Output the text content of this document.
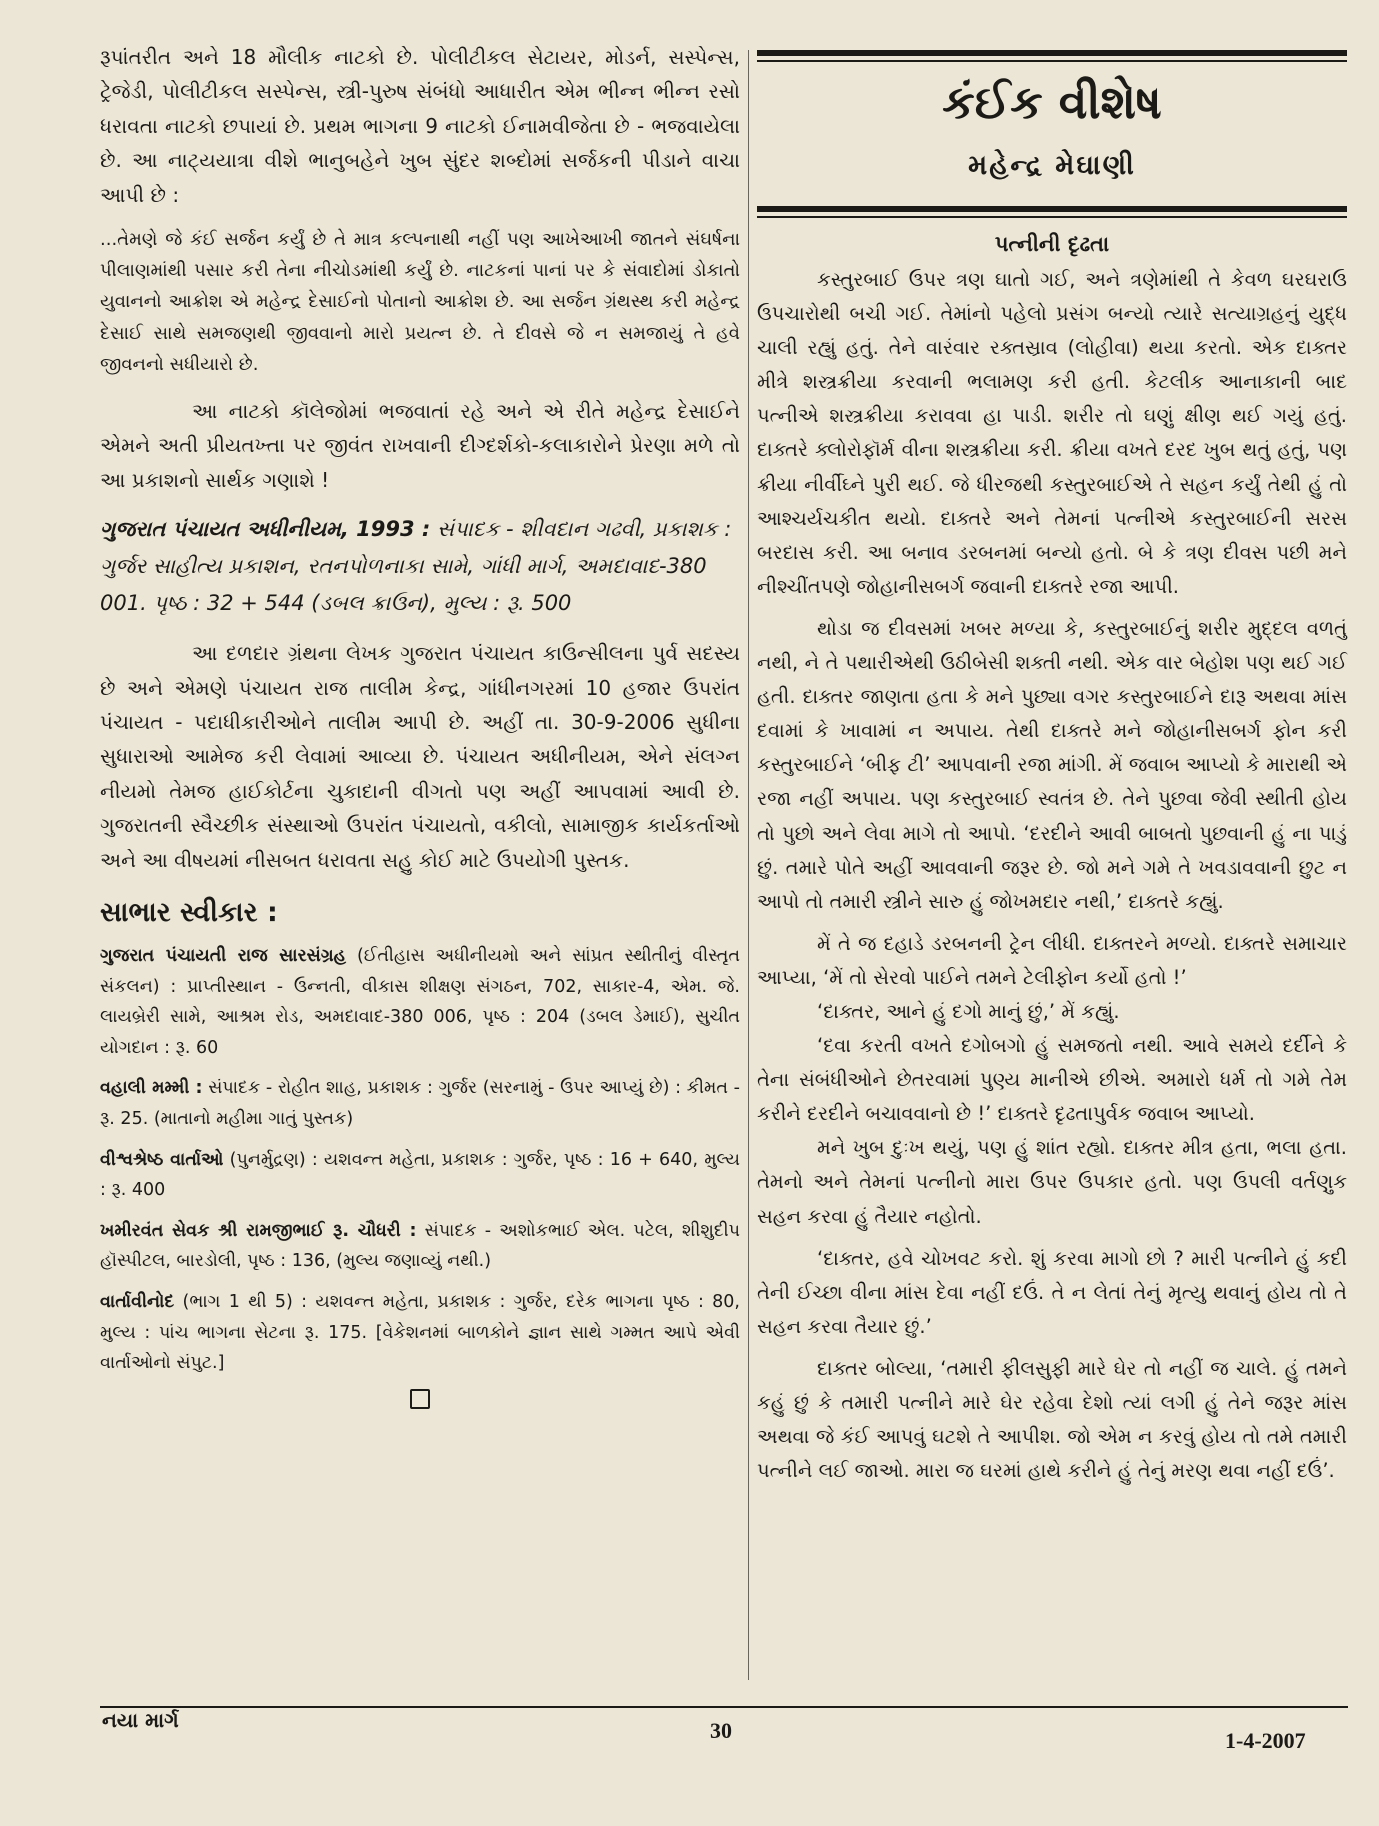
રૂપાંતરીત અને 18 મૌલીક નાટકો છે. પોલીટીકલ સેટાયર, મોડર્ન, સસ્પેન્સ, ટ્રેજેડી, પોલીટીકલ સસ્પેન્સ, સ્ત્રી-પુરુષ સંબંધો આધારીત એમ ભીન્ન ભીન્ન રસો ધરાવતા નાટકો છપાયાં છે. પ્રથમ ભાગના 9 નાટકો ઈનામવીજેતા છે - ભજવાયેલા છે. આ નાટ્યયાત્રા વીશે ભાનુબહેને ખુબ સુંદર શબ્દોમાં સર્જકની પીડાને વાચા આપી છે :

...તેમણે જે કંઈ સર્જન કર્યું છે તે માત્ર કલ્પનાથી નહીં પણ આખેઆખી જાતને સંઘર્ષના પીલાણમાંથી પસાર કરી તેના નીચોડમાંથી કર્યું છે. નાટકનાં પાનાં પર કે સંવાદોમાં ડોકાતો યુવાનનો આક્રોશ એ મહેન્દ્ર દેસાઈનો પોતાનો આક્રોશ છે. આ સર્જન ગ્રંથસ્થ કરી મહેન્દ્ર દેસાઈ સાથે સમજણથી જીવવાનો મારો પ્રયત્ન છે. તે દીવસે જે ન સમજાયું તે હવે જીવનનો સધીયારો છે.

આ નાટકો કૉલેજોમાં ભજવાતાં રહે અને એ રીતે મહેન્દ્ર દેસાઈને એમને અતી પ્રીયતખ્તા પર જીવંત રાખવાની દીગ્દર્શકો-કલાકારોને પ્રેરણા મળે તો આ પ્રકાશનો સાર્થક ગણાશે !

ગુજરાત પંચાયત અધીનીયમ, 1993 : સંપાદક - શીવદાન ગઢવી, પ્રકાશક : ગુર્જર સાહીત્ય પ્રકાશન, રતનપોળનાકા સામે, ગાંધી માર્ગ, અમદાવાદ-380 001. પૃષ્ઠ : 32 + 544 (ડબલ ક્રાઉન), મુલ્ય : રૂ. 500

આ દળદાર ગ્રંથના લેખક ગુજરાત પંચાયત કાઉન્સીલના પુર્વ સદસ્ય છે અને એમણે પંચાયત રાજ તાલીમ કેન્દ્ર, ગાંધીનગરમાં 10 હજાર ઉપરાંત પંચાયત - પદાધીકારીઓને તાલીમ આપી છે. અહીં તા. 30-9-2006 સુધીના સુધારાઓ આમેજ કરી લેવામાં આવ્યા છે. પંચાયત અધીનીયમ, એને સંલગ્ન નીયમો તેમજ હાઈકોર્ટના ચુકાદાની વીગતો પણ અહીં આપવામાં આવી છે. ગુજરાતની સ્વૈચ્છીક સંસ્થાઓ ઉપરાંત પંચાયતો, વકીલો, સામાજીક કાર્યકર્તાઓ અને આ વીષયમાં નીસબત ધરાવતા સહુ કોઈ માટે ઉપયોગી પુસ્તક.

સાભાર સ્વીકાર :

ગુજરાત પંચાયતી રાજ સારસંગ્રહ (ઈતીહાસ અધીનીયમો અને સાંપ્રત સ્થીતીનું વીસ્તૃત સંકલન) : પ્રાપ્તીસ્થાન - ઉન્નતી, વીકાસ શીક્ષણ સંગઠન, 702, સાકાર-4, એમ. જે. લાયબ્રેરી સામે, આશ્રમ રોડ, અમદાવાદ-380 006, પૃષ્ઠ : 204 (ડબલ ડેમાઈ), સુચીત યોગદાન : રૂ. 60

વહાલી મમ્મી : સંપાદક - રોહીત શાહ, પ્રકાશક : ગુર્જર (સરનામું - ઉપર આપ્યું છે) : કીમત - રૂ. 25. (માતાનો મહીમા ગાતું પુસ્તક)

વીશ્વશ્રેષ્ઠ વાર્તાઓ (પુનર્મુદ્રણ) : યશવન્ત મહેતા, પ્રકાશક : ગુર્જર, પૃષ્ઠ : 16 + 640, મુલ્ય : રૂ. 400

ખમીરવંત સેવક શ્રી રામજીભાઈ રૂ. ચૌધરી : સંપાદક - અશોકભાઈ એલ. પટેલ, શીશુદીપ હૉસ્પીટલ, બારડોલી, પૃષ્ઠ : 136, (મુલ્ય જણાવ્યું નથી.)

વાર્તાવીનોદ (ભાગ 1 થી 5) : યશવન્ત મહેતા, પ્રકાશક : ગુર્જર, દરેક ભાગના પૃષ્ઠ : 80, મુલ્ય : પાંચ ભાગના સેટના રૂ. 175. [વેકેશનમાં બાળકોને જ્ઞાન સાથે ગમ્મત આપે એવી વાર્તાઓનો સંપુટ.]

કંઈક વીશેષ
મહેન્દ્ર મેઘાણી
પત્નીની દૃઢતા

કસ્તુરબાઈ ઉપર ત્રણ ઘાતો ગઈ, અને ત્રણેમાંથી તે કેવળ ઘરઘરાઉ ઉપચારોથી બચી ગઈ. તેમાંનો પહેલો પ્રસંગ બન્યો ત્યારે સત્યાગ્રહનું યુદ્ધ ચાલી રહ્યું હતું. તેને વારંવાર રક્તસ્રાવ (લોહીવા) થયા કરતો. એક દાક્તર મીત્રે શસ્ત્રક્રીયા કરવાની ભલામણ કરી હતી. કેટલીક આનાકાની બાદ પત્નીએ શસ્ત્રક્રીયા કરાવવા હા પાડી. શરીર તો ઘણું ક્ષીણ થઈ ગયું હતું. દાક્તરે ક્લોરોફૉર્મ વીના શસ્ત્રક્રીયા કરી. ક્રીયા વખતે દરદ ખુબ થતું હતું, પણ ક્રીયા નીર્વીઘ્ને પુરી થઈ. જે ધીરજથી કસ્તુરબાઈએ તે સહન કર્યું તેથી હું તો આશ્ચર્યચકીત થયો. દાક્તરે અને તેમનાં પત્નીએ કસ્તુરબાઈની સરસ બરદાસ કરી. આ બનાવ ડરબનમાં બન્યો હતો. બે કે ત્રણ દીવસ પછી મને નીશ્ચીંતપણે જોહાનીસબર્ગ જવાની દાક્તરે રજા આપી.

થોડા જ દીવસમાં ખબર મળ્યા કે, કસ્તુરબાઈનું શરીર મુદ્દલ વળતું નથી, ને તે પથારીએથી ઉઠીબેસી શક્તી નથી. એક વાર બેહોશ પણ થઈ ગઈ હતી. દાક્તર જાણતા હતા કે મને પુછ્યા વગર કસ્તુરબાઈને દારૂ અથવા માંસ દવામાં કે ખાવામાં ન અપાય. તેથી દાક્તરે મને જોહાનીસબર્ગ ફોન કરી કસ્તુરબાઈને ‘બીફ ટી’ આપવાની રજા માંગી. મેં જવાબ આપ્યો કે મારાથી એ રજા નહીં અપાય. પણ કસ્તુરબાઈ સ્વતંત્ર છે. તેને પુછવા જેવી સ્થીતી હોય તો પુછો અને લેવા માગે તો આપો. ‘દરદીને આવી બાબતો પુછવાની હું ના પાડું છું. તમારે પોતે અહીં આવવાની જરૂર છે. જો મને ગમે તે ખવડાવવાની છુટ ન આપો તો તમારી સ્ત્રીને સારુ હું જોખમદાર નથી,’ દાક્તરે કહ્યું.

મેં તે જ દહાડે ડરબનની ટ્રેન લીધી. દાક્તરને મળ્યો. દાક્તરે સમાચાર આપ્યા, ‘મેં તો સેરવો પાઈને તમને ટેલીફોન કર્યો હતો !’

‘દાક્તર, આને હું દગો માનું છું,’ મેં કહ્યું.

‘દવા કરતી વખતે દગોબગો હું સમજતો નથી. આવે સમયે દર્દીને કે તેના સંબંધીઓને છેતરવામાં પુણ્ય માનીએ છીએ. અમારો ધર્મ તો ગમે તેમ કરીને દરદીને બચાવવાનો છે !’ દાક્તરે દૃઢતાપુર્વક જવાબ આપ્યો.

મને ખુબ દુઃખ થયું, પણ હું શાંત રહ્યો. દાક્તર મીત્ર હતા, ભલા હતા. તેમનો અને તેમનાં પત્નીનો મારા ઉપર ઉપકાર હતો. પણ ઉપલી વર્તણુક સહન કરવા હું તૈયાર નહોતો.

‘દાક્તર, હવે ચોખવટ કરો. શું કરવા માગો છો ? મારી પત્નીને હું કદી તેની ઈચ્છા વીના માંસ દેવા નહીં દઉં. તે ન લેતાં તેનું મૃત્યુ થવાનું હોય તો તે સહન કરવા તૈયાર છું.’

દાક્તર બોલ્યા, ‘તમારી ફીલસુફી મારે ઘેર તો નહીં જ ચાલે. હું તમને કહું છું કે તમારી પત્નીને મારે ઘેર રહેવા દેશો ત્યાં લગી હું તેને જરૂર માંસ અથવા જે કંઈ આપવું ઘટશે તે આપીશ. જો એમ ન કરવું હોય તો તમે તમારી પત્નીને લઈ જાઓ. મારા જ ઘરમાં હાથે કરીને હું તેનું મરણ થવા નહીં દઉં’.

નયા માર્ગ	30	1-4-2007
